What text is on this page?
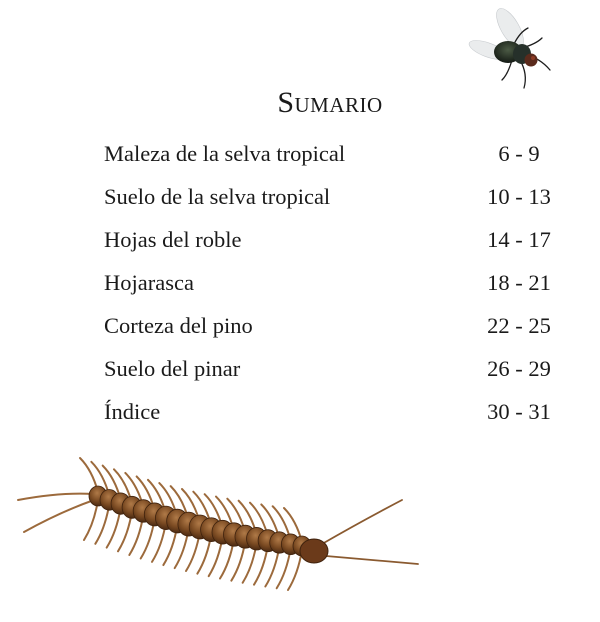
Sumario
Maleza de la selva tropical	6 - 9
Suelo de la selva tropical	10 - 13
Hojas del roble	14 - 17
Hojarasca	18 - 21
Corteza del pino	22 - 25
Suelo del pinar	26 - 29
Índice	30 - 31
